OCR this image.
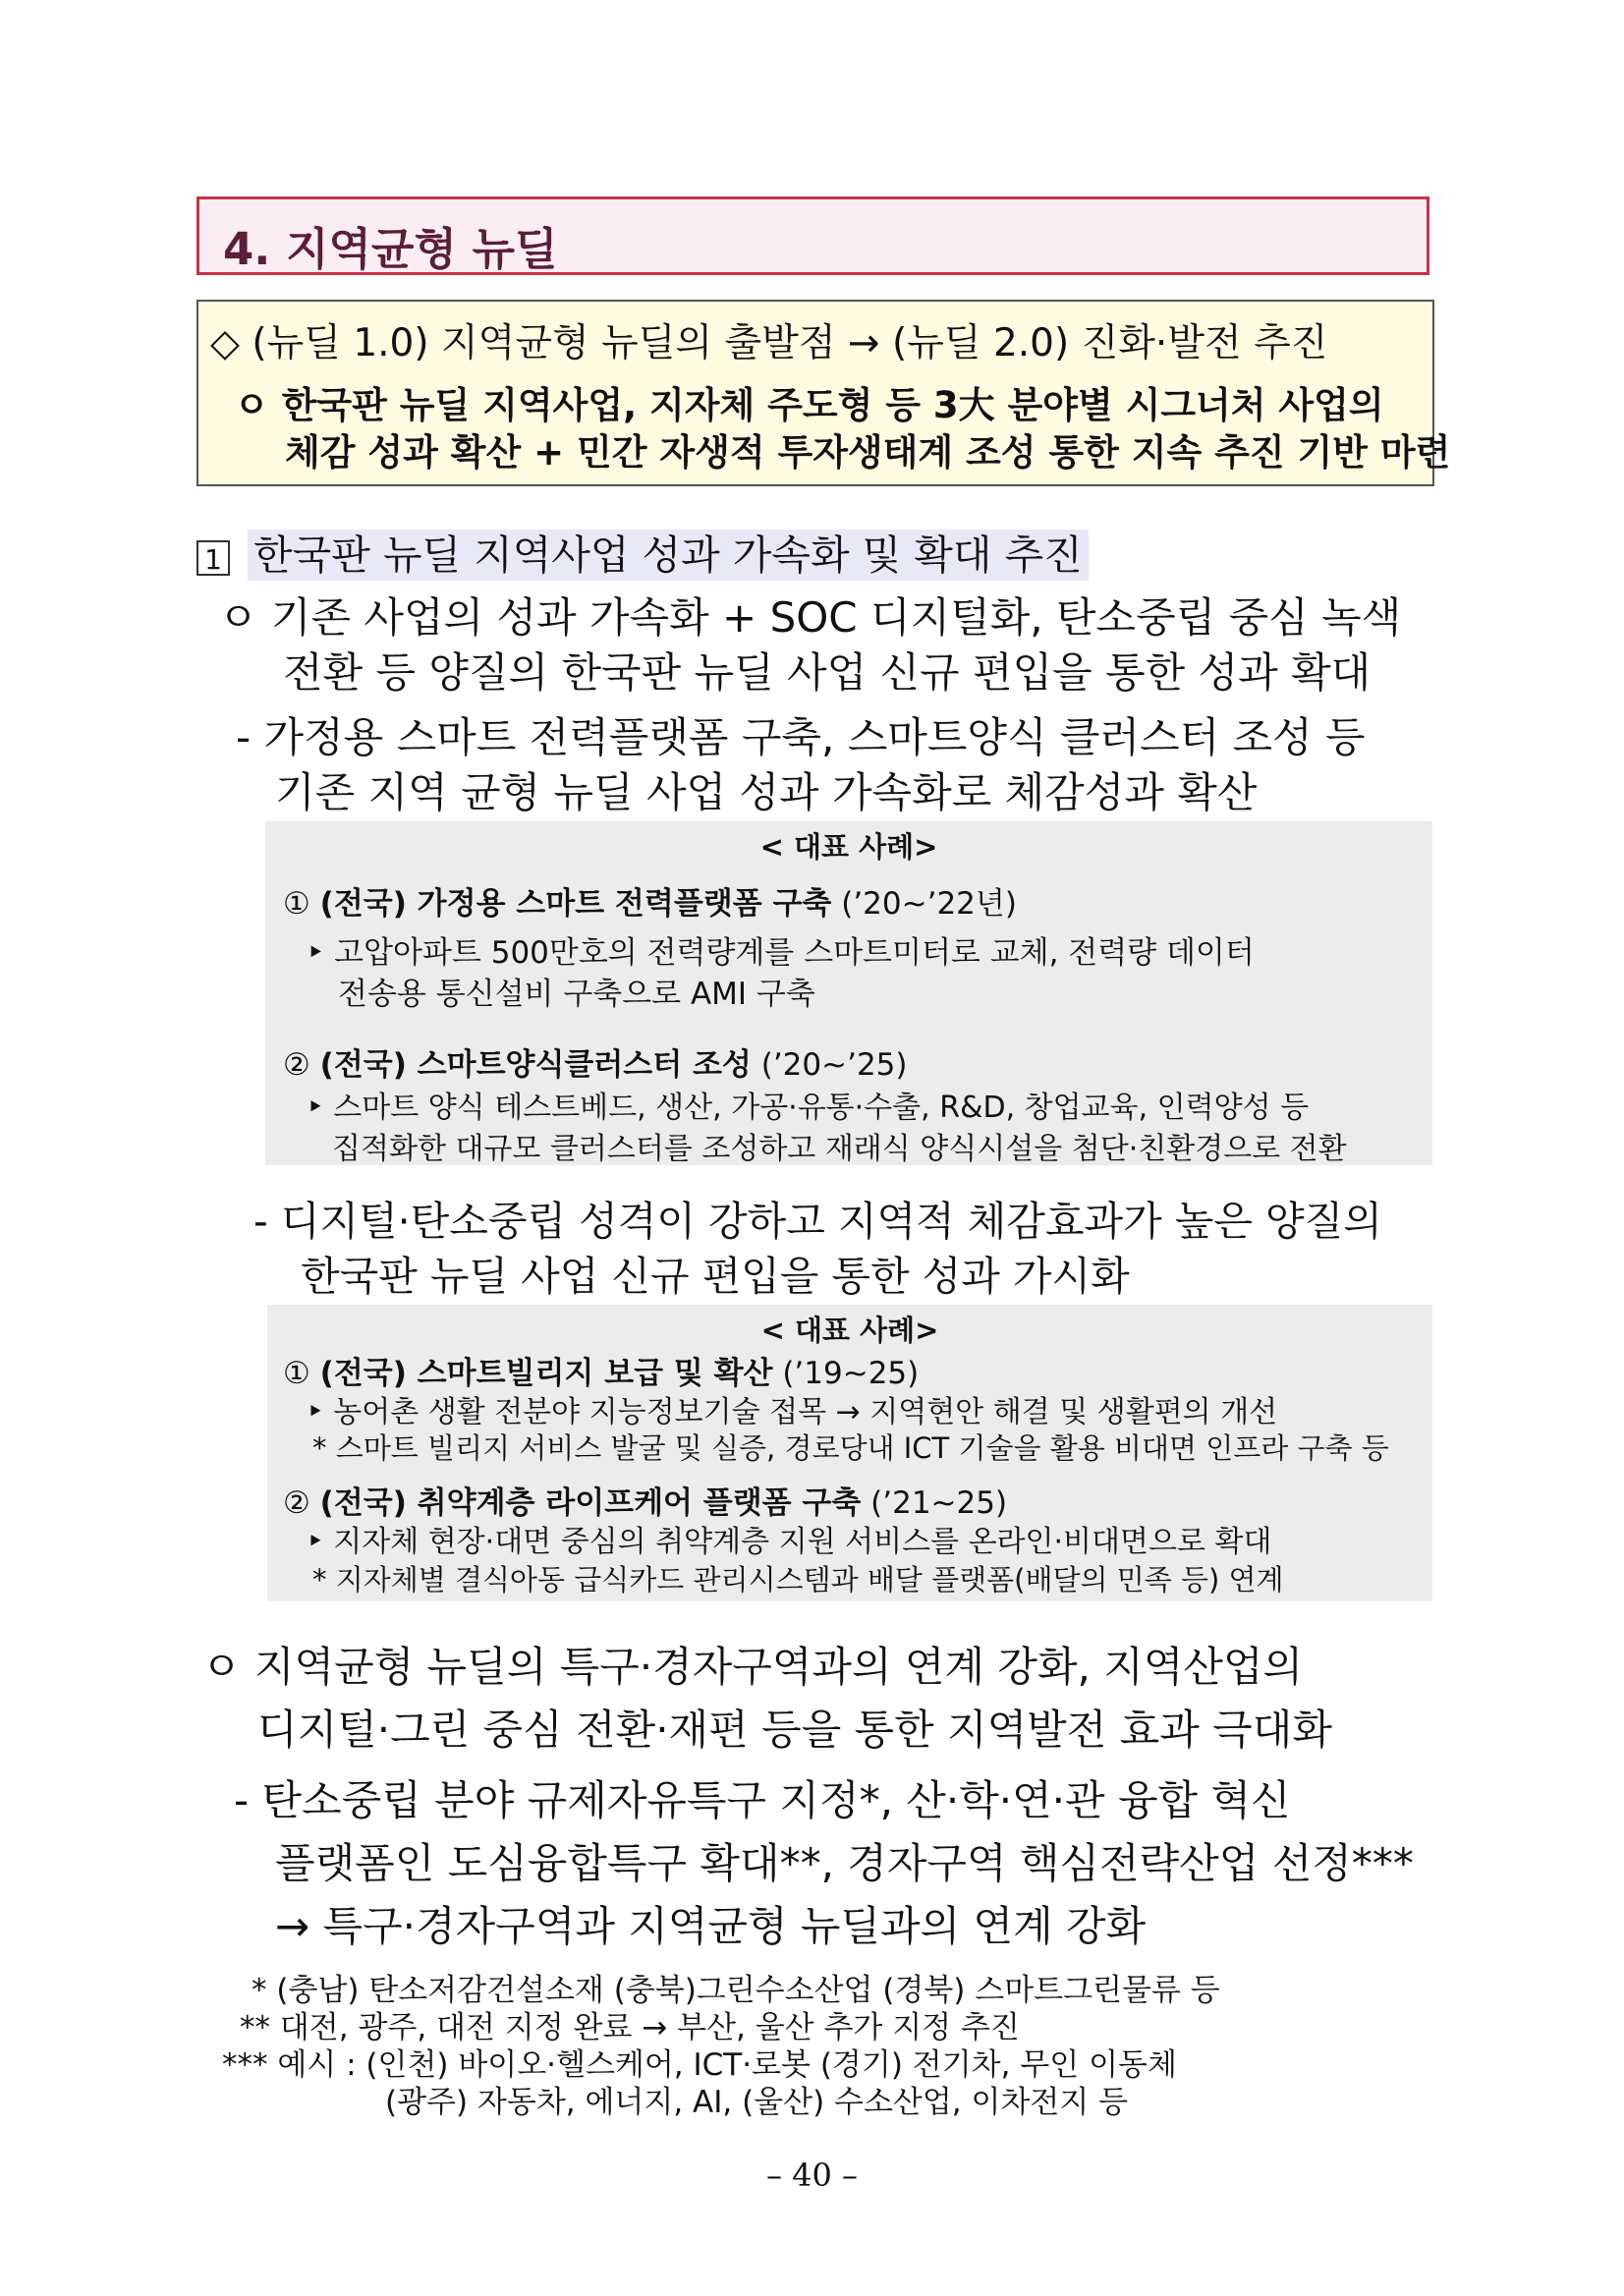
4. 지역균형 뉴딜
◇ (뉴딜 1.0) 지역균형 뉴딜의 출발점 → (뉴딜 2.0) 진화·발전 추진
ㅇ 한국판 뉴딜 지역사업, 지자체 주도형 등 3大 분야별 시그너처 사업의
체감 성과 확산 + 민간 자생적 투자생태계 조성 통한 지속 추진 기반 마련
1 한국판 뉴딜 지역사업 성과 가속화 및 확대 추진
ㅇ 기존 사업의 성과 가속화 + SOC 디지털화, 탄소중립 중심 녹색
전환 등 양질의 한국판 뉴딜 사업 신규 편입을 통한 성과 확대
- 가정용 스마트 전력플랫폼 구축, 스마트양식 클러스터 조성 등
기존 지역 균형 뉴딜 사업 성과 가속화로 체감성과 확산
< 대표 사례>
① (전국) 가정용 스마트 전력플랫폼 구축 (’20~’22년)
‣ 고압아파트 500만호의 전력량계를 스마트미터로 교체, 전력량 데이터
전송용 통신설비 구축으로 AMI 구축
② (전국) 스마트양식클러스터 조성 (’20~’25)
‣ 스마트 양식 테스트베드, 생산, 가공·유통·수출, R&D, 창업교육, 인력양성 등
집적화한 대규모 클러스터를 조성하고 재래식 양식시설을 첨단·친환경으로 전환
- 디지털·탄소중립 성격이 강하고 지역적 체감효과가 높은 양질의
한국판 뉴딜 사업 신규 편입을 통한 성과 가시화
< 대표 사례>
① (전국) 스마트빌리지 보급 및 확산 (’19~25)
‣ 농어촌 생활 전분야 지능정보기술 접목 → 지역현안 해결 및 생활편의 개선
* 스마트 빌리지 서비스 발굴 및 실증, 경로당내 ICT 기술을 활용 비대면 인프라 구축 등
② (전국) 취약계층 라이프케어 플랫폼 구축 (’21~25)
‣ 지자체 현장·대면 중심의 취약계층 지원 서비스를 온라인·비대면으로 확대
* 지자체별 결식아동 급식카드 관리시스템과 배달 플랫폼(배달의 민족 등) 연계
ㅇ 지역균형 뉴딜의 특구·경자구역과의 연계 강화, 지역산업의
디지털·그린 중심 전환·재편 등을 통한 지역발전 효과 극대화
- 탄소중립 분야 규제자유특구 지정*, 산·학·연·관 융합 혁신
플랫폼인 도심융합특구 확대**, 경자구역 핵심전략산업 선정***
→ 특구·경자구역과 지역균형 뉴딜과의 연계 강화
* (충남) 탄소저감건설소재 (충북)그린수소산업 (경북) 스마트그린물류 등
** 대전, 광주, 대전 지정 완료 → 부산, 울산 추가 지정 추진
*** 예시 : (인천) 바이오·헬스케어, ICT·로봇 (경기) 전기차, 무인 이동체
(광주) 자동차, 에너지, AI, (울산) 수소산업, 이차전지 등
– 40 –
